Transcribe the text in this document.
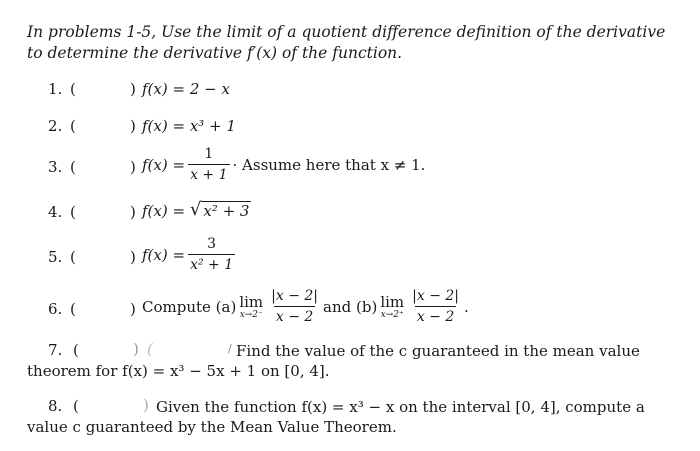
In problems 1-5, Use the limit of a quotient difference definition of the derivative to determine the derivative f′(x) of the function.
1. (	) f(x) =
2 − x
2. (	) f(x) =
x³ + 1
3. (	) $f(x) = \frac{1}{x + 1}$ · Assume here that x ≠ 1.
4. (	) f(x) =
√ x² + 3
5. (	) $f(x) = \frac{3}{\text{x² + 1}}$
6. (	) Compute (a) lim
$x\to 2^- \frac{|x - 2|}{x - 2}$ and (b) lim
$x\to 2^+ \frac{|x - 2|}{x - 2}$ .
7. (	) (	/ Find the value of the c guaranteed in the mean value
theorem for f(x) = x³ − 5x + 1 on [0, 4].
8. (	) Given the function f(x) = x³ − x on the interval [0, 4], compute a
value c guaranteed by the Mean Value Theorem.
